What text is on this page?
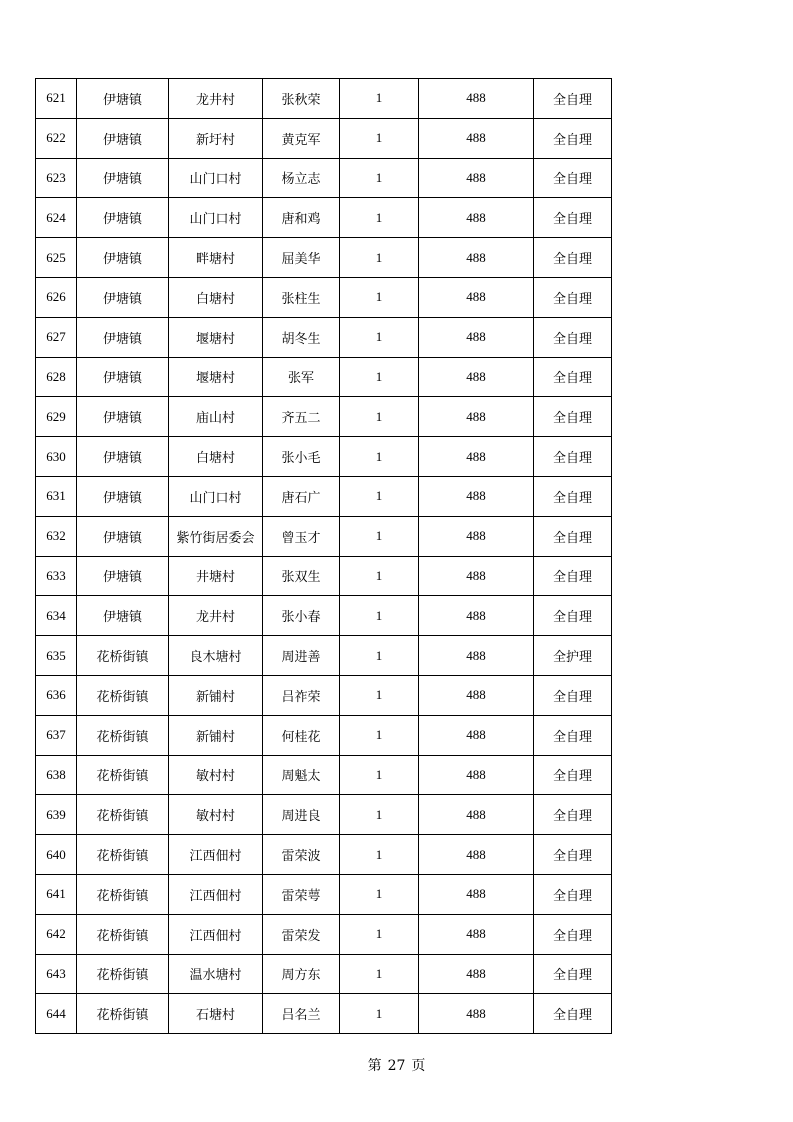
621	伊塘镇	龙井村	张秋荣	1	488	全自理
622	伊塘镇	新圩村	黄克军	1	488	全自理
623	伊塘镇	山门口村	杨立志	1	488	全自理
624	伊塘镇	山门口村	唐和鸡	1	488	全自理
625	伊塘镇	畔塘村	屈美华	1	488	全自理
626	伊塘镇	白塘村	张柱生	1	488	全自理
627	伊塘镇	堰塘村	胡冬生	1	488	全自理
628	伊塘镇	堰塘村	张军	1	488	全自理
629	伊塘镇	庙山村	齐五二	1	488	全自理
630	伊塘镇	白塘村	张小毛	1	488	全自理
631	伊塘镇	山门口村	唐石广	1	488	全自理
632	伊塘镇	紫竹街居委会	曾玉才	1	488	全自理
633	伊塘镇	井塘村	张双生	1	488	全自理
634	伊塘镇	龙井村	张小春	1	488	全自理
635	花桥街镇	良木塘村	周进善	1	488	全护理
636	花桥街镇	新铺村	吕祚荣	1	488	全自理
637	花桥街镇	新铺村	何桂花	1	488	全自理
638	花桥街镇	敏村村	周魁太	1	488	全自理
639	花桥街镇	敏村村	周进良	1	488	全自理
640	花桥街镇	江西佃村	雷荣波	1	488	全自理
641	花桥街镇	江西佃村	雷荣萼	1	488	全自理
642	花桥街镇	江西佃村	雷荣发	1	488	全自理
643	花桥街镇	温水塘村	周方东	1	488	全自理
644	花桥街镇	石塘村	吕名兰	1	488	全自理
第 27 页
